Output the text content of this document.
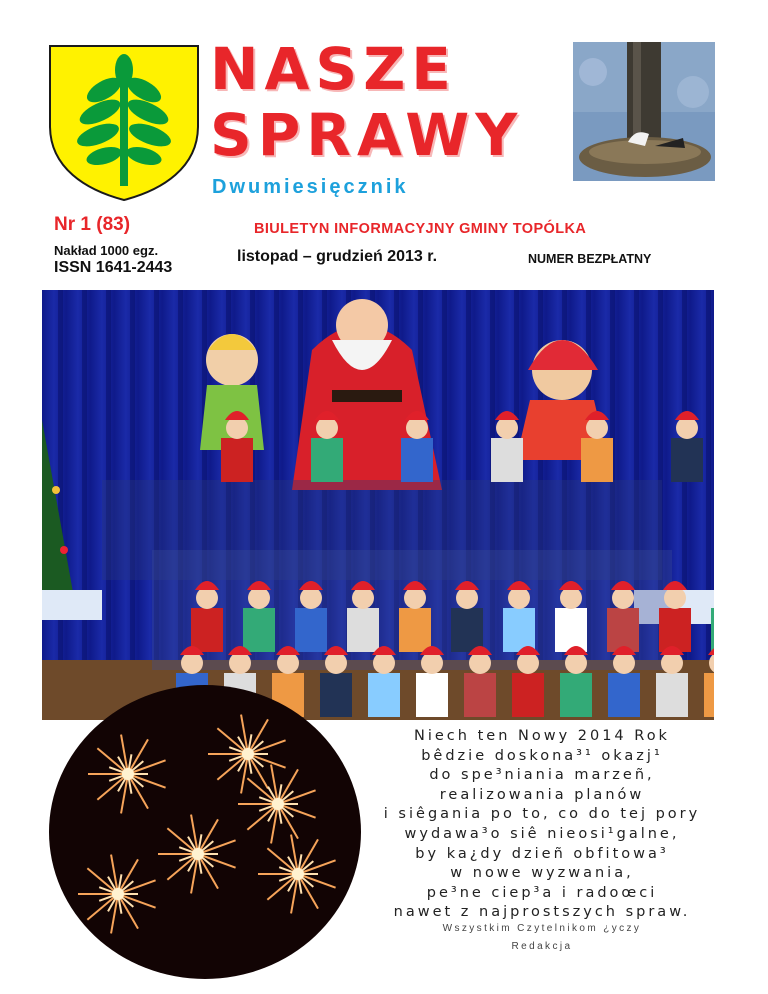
NASZE
SPRAWY
Dwumiesięcznik
Nr 1 (83)
Nakład 1000 egz.
ISSN 1641-2443
BIULETYN INFORMACYJNY GMINY TOPÓLKA
listopad – grudzień 2013 r.	NUMER BEZPŁATNY
Niech ten Nowy 2014 Rok
bêdzie doskona³¹ okazj¹
do spe³niania marzeñ,
realizowania planów
i siêgania po to, co do tej pory
wydawa³o siê nieosi¹galne,
by ka¿dy dzieñ obfitowa³
w nowe wyzwania,
pe³ne ciep³a i radoœci
nawet z najprostszych spraw.
Wszystkim Czytelnikom ¿yczy
Redakcja
